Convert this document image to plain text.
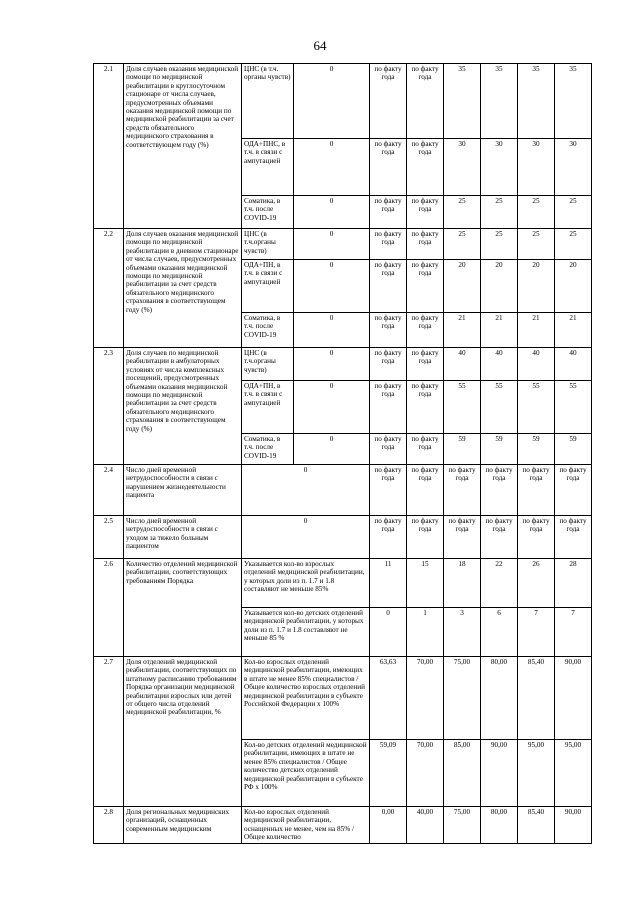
64
2.1	Доля случаев оказания медицинской помощи по медицинской реабилитации в круглосуточном стационаре от числа случаев, предусмотренных объемами оказания медицинской помощи по медицинской реабилитации за счет средств обязательного медицинского страхования в соответствующем году (%)	ЦНС (в т.ч. органы чувств)	0	по факту года	по факту года	35	35	35	35
		ОДА+ПНС, в т.ч. в связи с ампутацией	0	по факту года	по факту года	30	30	30	30
		Соматика, в т.ч. после COVID-19	0	по факту года	по факту года	25	25	25	25
2.2	Доля случаев оказания медицинской помощи по медицинской реабилитации в дневном стационаре от числа случаев, предусмотренных объемами оказания медицинской помощи по медицинской реабилитации за счет средств обязательного медицинского страхования в соответствующем году (%)	ЦНС (в т.ч.органы чувств)	0	по факту года	по факту года	25	25	25	25
		ОДА+ПН, в т.ч. в связи с ампутацией	0	по факту года	по факту года	20	20	20	20
		Соматика, в т.ч. после COVID-19	0	по факту года	по факту года	21	21	21	21
2.3	Доля случаев по медицинской реабилитации в амбулаторных условиях от числа комплексных посещений, предусмотренных объемами оказания медицинской помощи по медицинской реабилитации за счет средств обязательного медицинского страхования в соответствующем году (%)	ЦНС (в т.ч.органы чувств)	0	по факту года	по факту года	40	40	40	40
		ОДА+ПН, в т.ч. в связи с ампутацией	0	по факту года	по факту года	55	55	55	55
		Соматика, в т.ч. после COVID-19	0	по факту года	по факту года	59	59	59	59
2.4	Число дней временной нетрудоспособности в связи с нарушением жизнедеятельности пациента	0		по факту года	по факту года	по факту года	по факту года	по факту года	по факту года
2.5	Число дней временной нетрудоспособности в связи с уходом за тяжело больным пациентом	0		по факту года	по факту года	по факту года	по факту года	по факту года	по факту года
2.6	Количество отделений медицинской реабилитации, соответствующих требованиям Порядка	Указывается кол-во взрослых отделений медицинской реабилитации, у которых доли из п. 1.7 и 1.8 составляют не меньше 85%		11	15	18	22	26	28
		Указывается кол-во детских отделений медицинской реабилитации, у которых доли из п. 1.7 и 1.8 составляют не меньше 85 %		0	1	3	6	7	7
2.7	Доля отделений медицинской реабилитации, соответствующих по штатному расписанию требованиям Порядка организации медицинской реабилитации взрослых или детей от общего числа отделений медицинской реабилитации, %	Кол-во взрослых отделений медицинской реабилитации, имеющих в штате не менее 85% специалистов / Общее количество взрослых отделений медицинской реабилитации в субъекте Российской Федерации х 100%		63,63	70,00	75,00	80,00	85,40	90,00
		Кол-во детских отделений медицинской реабилитации, имеющих в штате не менее 85% специалистов / Общее количество детских отделений медицинской реабилитации в субъекте РФ х 100%		59,09	70,00	85,00	90,00	95,00	95,00
2.8	Доля региональных медицинских организаций, оснащенных современным медицинским	Кол-во взрослых отделений медицинской реабилитации, оснащенных не менее, чем на 85% / Общее количество		0,00	40,00	75,00	80,00	85,40	90,00
